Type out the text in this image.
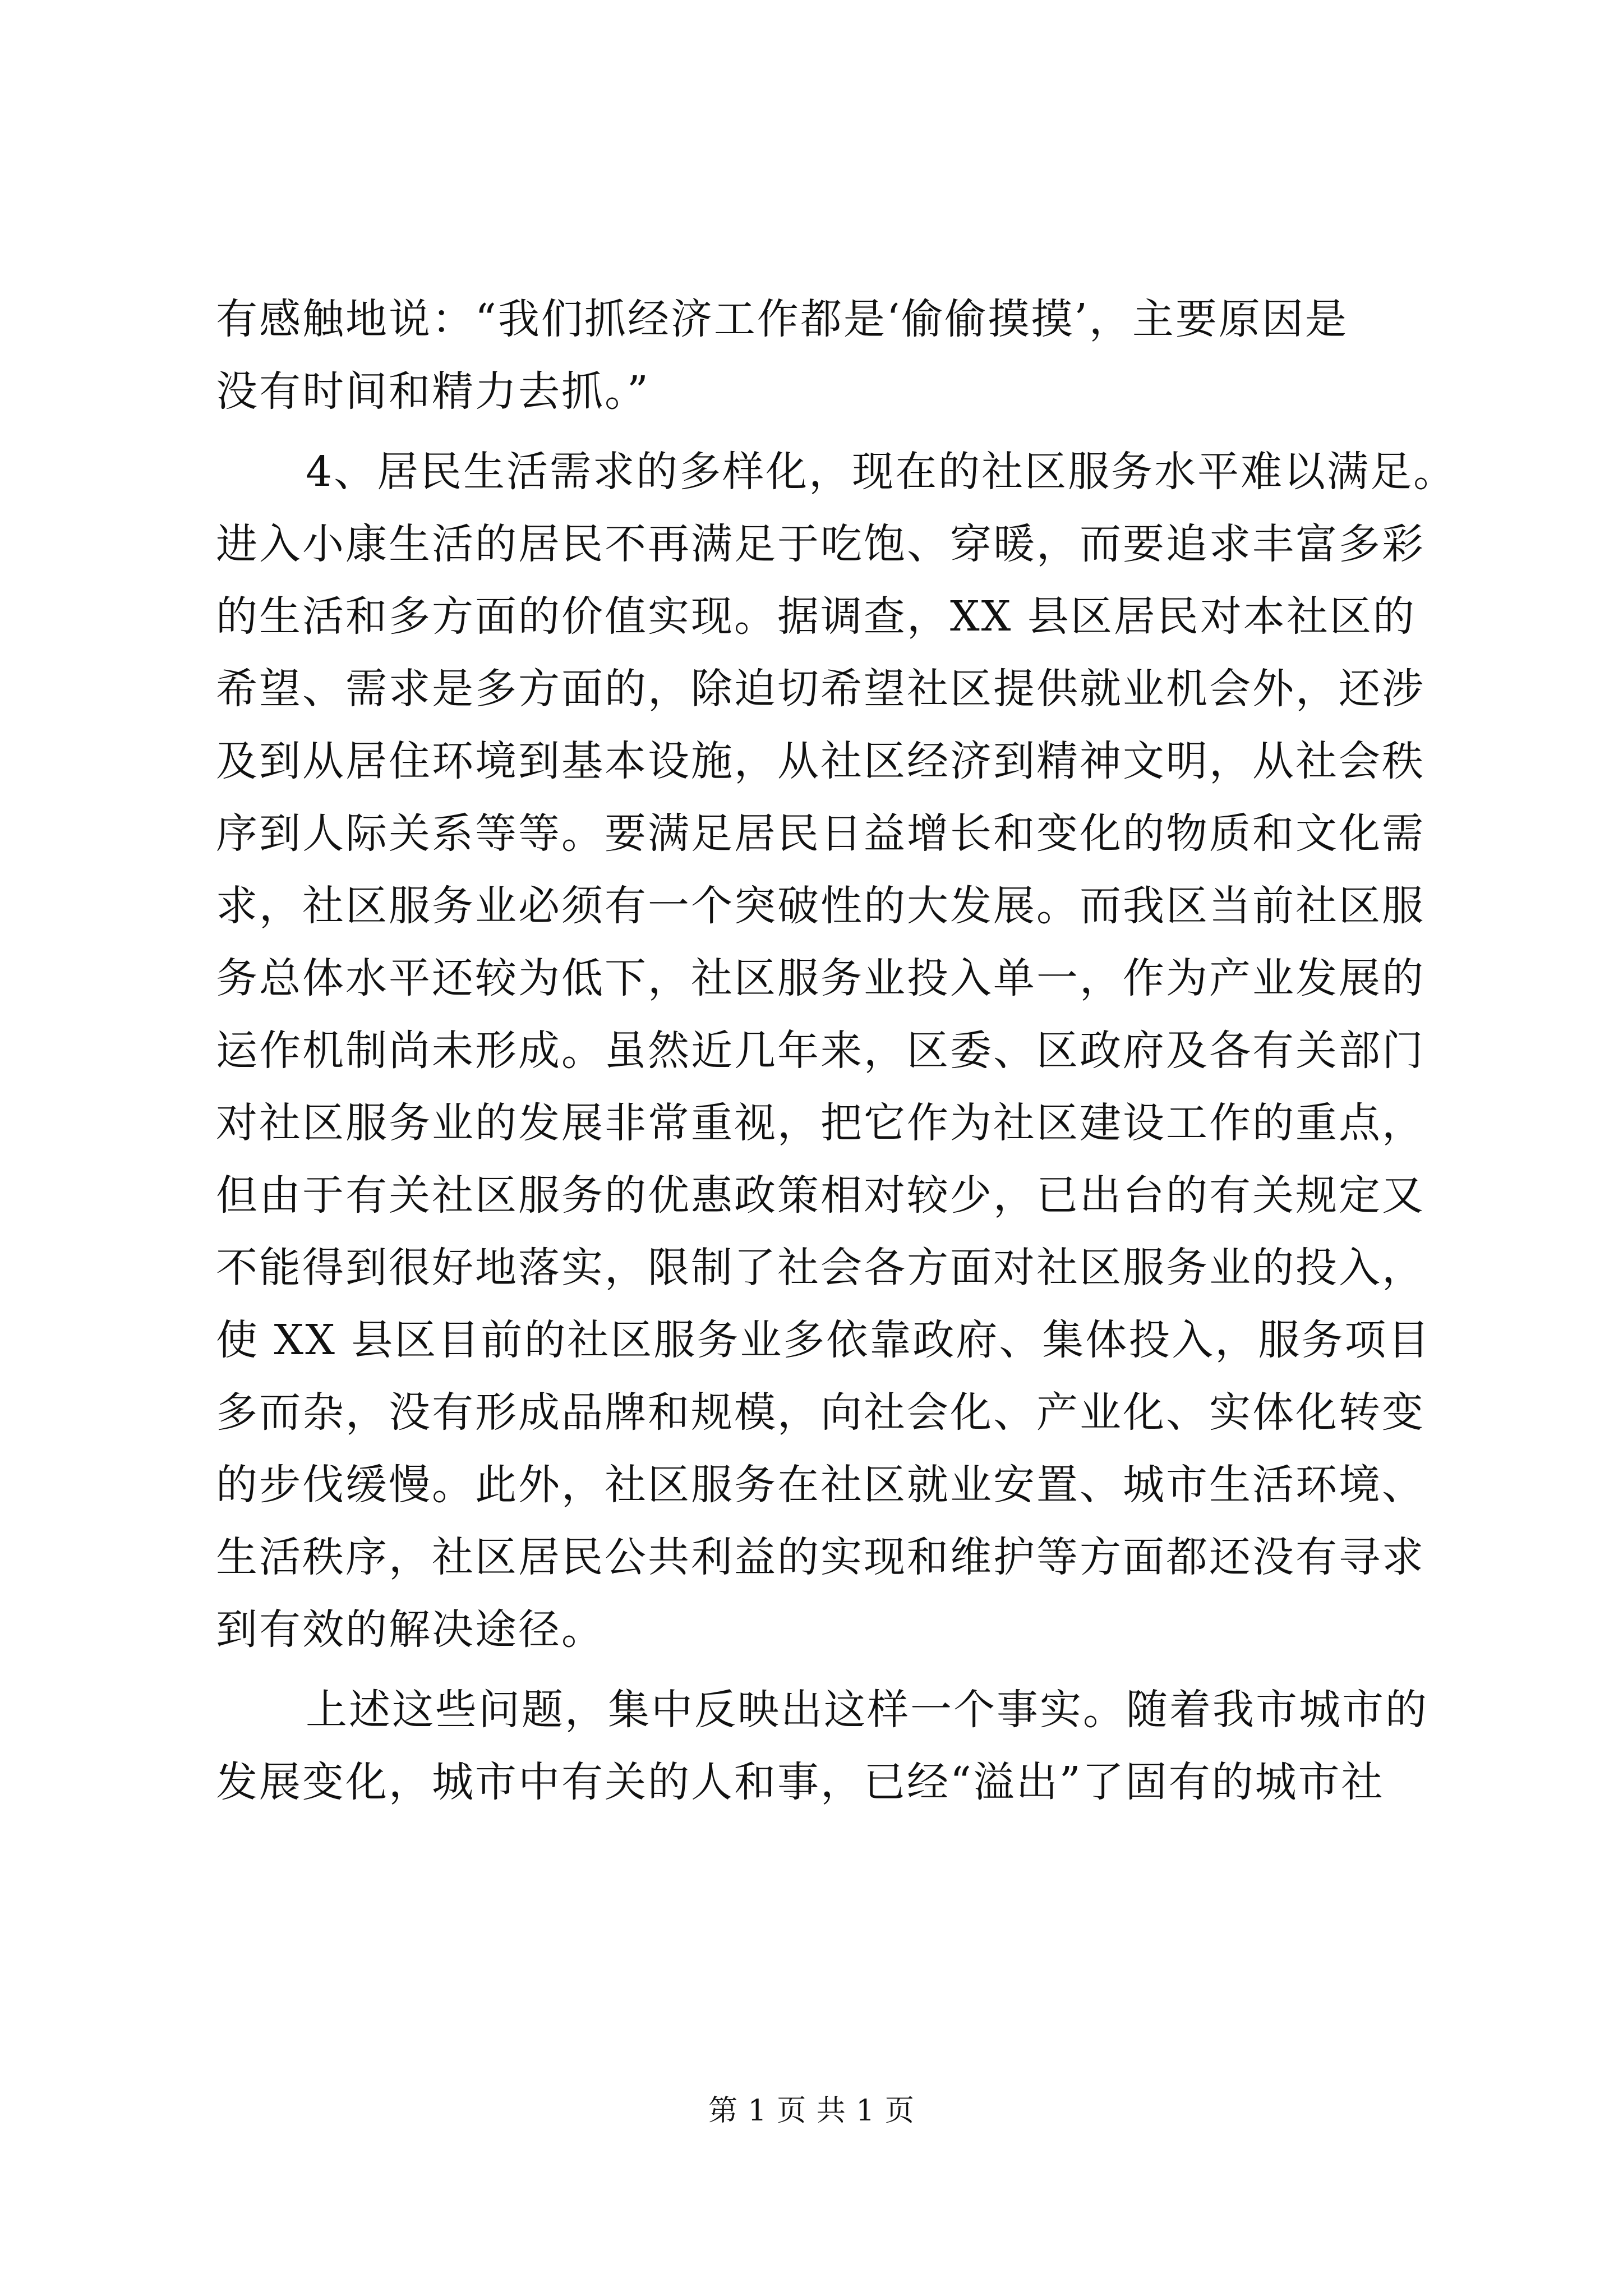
有感触地说：“我们抓经济工作都是‘偷偷摸摸’，主要原因是
没有时间和精力去抓。”
4、居民生活需求的多样化，现在的社区服务水平难以满足。
进入小康生活的居民不再满足于吃饱、穿暖，而要追求丰富多彩
的生活和多方面的价值实现。据调查，XX 县区居民对本社区的
希望、需求是多方面的，除迫切希望社区提供就业机会外，还涉
及到从居住环境到基本设施，从社区经济到精神文明，从社会秩
序到人际关系等等。要满足居民日益增长和变化的物质和文化需
求，社区服务业必须有一个突破性的大发展。而我区当前社区服
务总体水平还较为低下，社区服务业投入单一，作为产业发展的
运作机制尚未形成。虽然近几年来，区委、区政府及各有关部门
对社区服务业的发展非常重视，把它作为社区建设工作的重点，
但由于有关社区服务的优惠政策相对较少，已出台的有关规定又
不能得到很好地落实，限制了社会各方面对社区服务业的投入，
使 XX 县区目前的社区服务业多依靠政府、集体投入，服务项目
多而杂，没有形成品牌和规模，向社会化、产业化、实体化转变
的步伐缓慢。此外，社区服务在社区就业安置、城市生活环境、
生活秩序，社区居民公共利益的实现和维护等方面都还没有寻求
到有效的解决途径。
上述这些问题，集中反映出这样一个事实。随着我市城市的
发展变化，城市中有关的人和事，已经“溢出”了固有的城市社
第 1 页 共 1 页
